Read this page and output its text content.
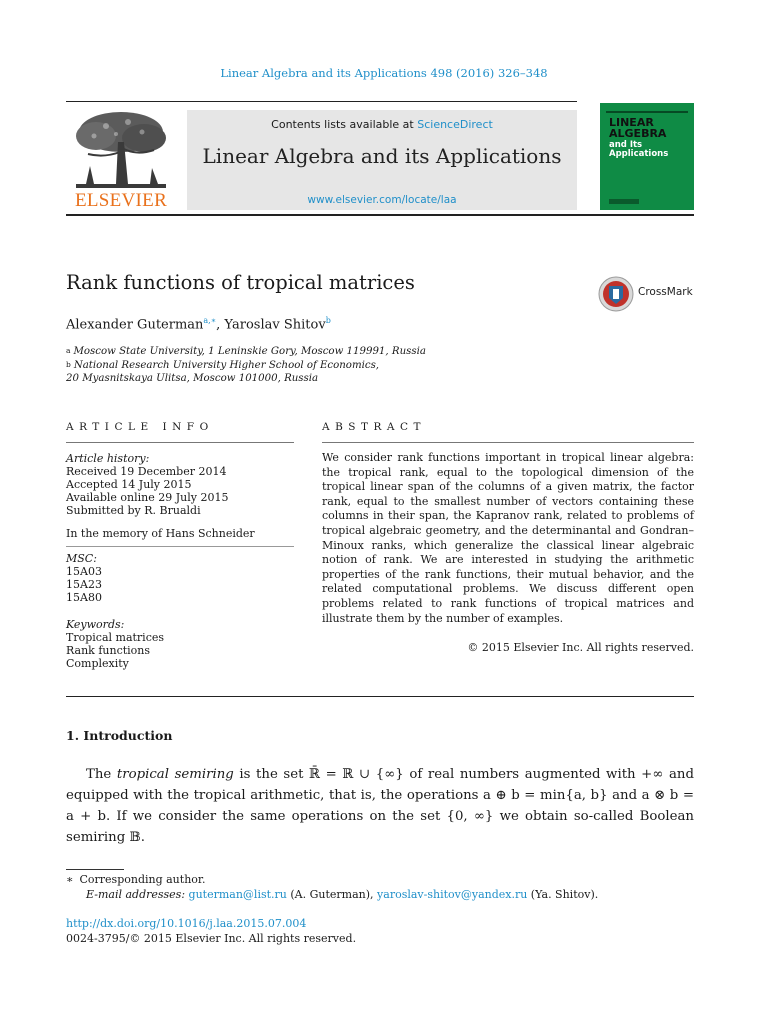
Linear Algebra and its Applications 498 (2016) 326–348
ELSEVIER
Contents lists available at ScienceDirect
Linear Algebra and its Applications
www.elsevier.com/locate/laa
LINEAR
ALGEBRA
and Its
Applications
Rank functions of tropical matrices	CrossMark
Alexander Guterman$^{a,∗}$, Yaroslav Shitov$^b$
$^a$ Moscow State University, 1 Leninskie Gory, Moscow 119991, Russia
$^b$ National Research University Higher School of Economics,
20 Myasnitskaya Ulitsa, Moscow 101000, Russia
ARTICLE INFO	ABSTRACT
Article history:
Received 19 December 2014
Accepted 14 July 2015
Available online 29 July 2015
Submitted by R. Brualdi
In the memory of Hans Schneider
MSC:
15A03
15A23
15A80
Keywords:
Tropical matrices
Rank functions
Complexity
We consider rank functions important in tropical linear algebra: the tropical rank, equal to the topological dimension of the tropical linear span of the columns of a given matrix, the factor rank, equal to the smallest number of vectors containing these columns in their span, the Kapranov rank, related to problems of tropical algebraic geometry, and the determinantal and Gondran–Minoux ranks, which generalize the classical linear algebraic notion of rank. We are interested in studying the arithmetic properties of the rank functions, their mutual behavior, and the related computational problems. We discuss different open problems related to rank functions of tropical matrices and illustrate them by the number of examples.
© 2015 Elsevier Inc. All rights reserved.
1. Introduction
The tropical semiring is the set ℝ̄ = ℝ ∪ {∞} of real numbers augmented with +∞ and equipped with the tropical arithmetic, that is, the operations a ⊕ b = min{a, b} and a ⊗ b = a + b. If we consider the same operations on the set {0, ∞} we obtain so-called Boolean semiring 𝔹.
∗ Corresponding author.
E-mail addresses: guterman@list.ru (A. Guterman), yaroslav-shitov@yandex.ru (Ya. Shitov).
http://dx.doi.org/10.1016/j.laa.2015.07.004
0024-3795/© 2015 Elsevier Inc. All rights reserved.
